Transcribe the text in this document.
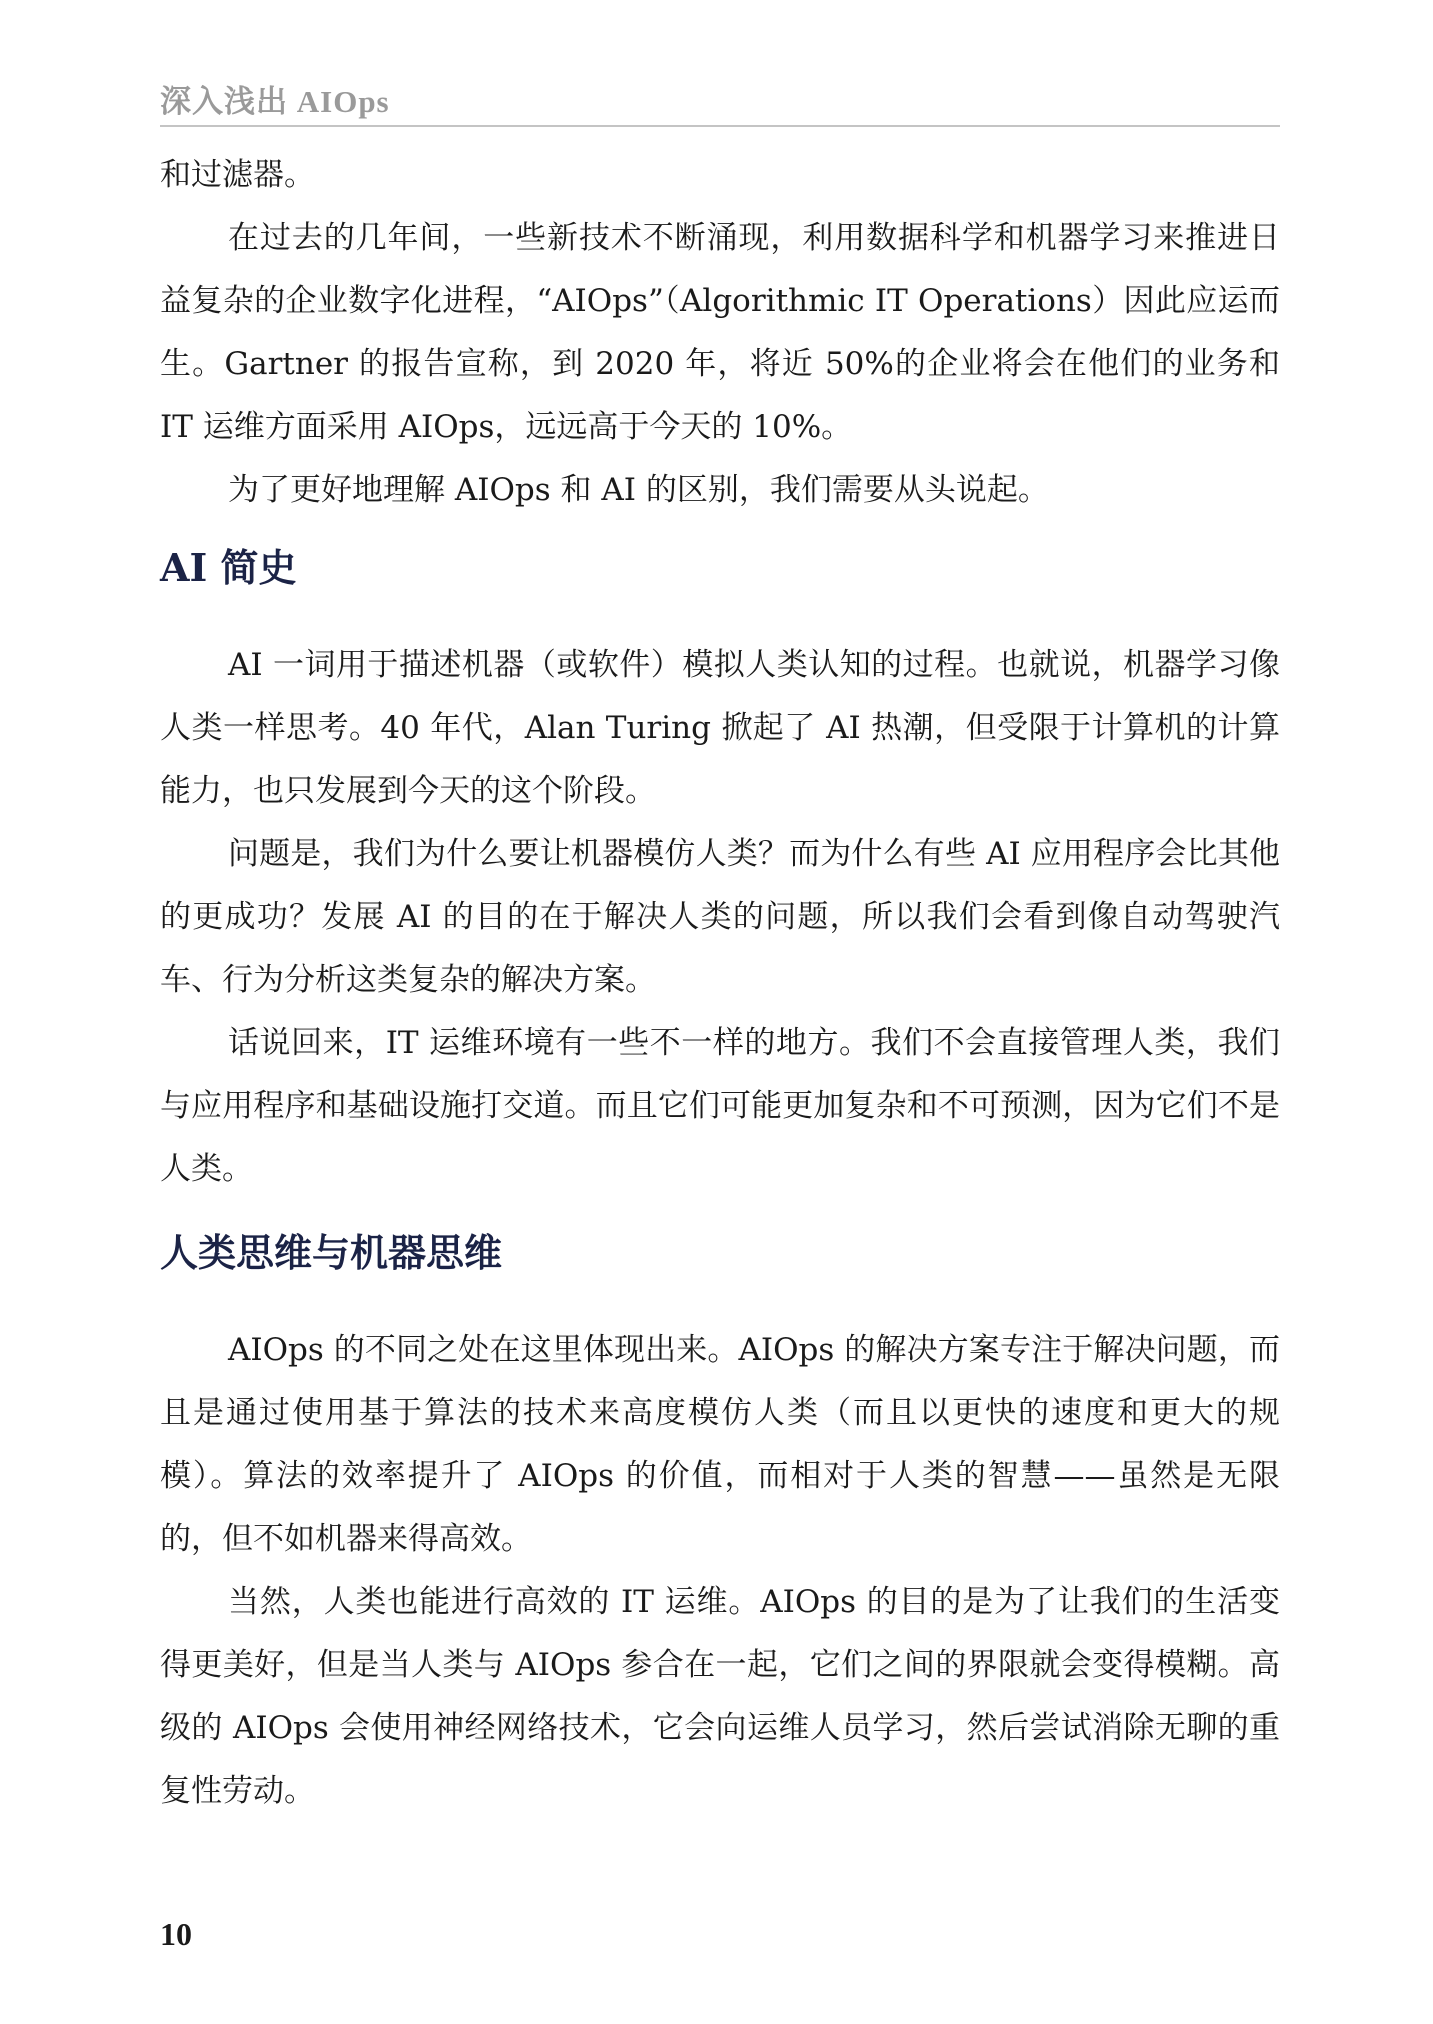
深入浅出 AIOps

和过滤器。

在过去的几年间，一些新技术不断涌现，利用数据科学和机器学习来推进日益复杂的企业数字化进程，“AIOps”（Algorithmic IT Operations）因此应运而生。Gartner 的报告宣称，到 2020 年，将近 50%的企业将会在他们的业务和 IT 运维方面采用 AIOps，远远高于今天的 10%。

为了更好地理解 AIOps 和 AI 的区别，我们需要从头说起。

AI 简史

AI 一词用于描述机器（或软件）模拟人类认知的过程。也就说，机器学习像人类一样思考。40 年代，Alan Turing 掀起了 AI 热潮，但受限于计算机的计算能力，也只发展到今天的这个阶段。

问题是，我们为什么要让机器模仿人类？而为什么有些 AI 应用程序会比其他的更成功？发展 AI 的目的在于解决人类的问题，所以我们会看到像自动驾驶汽车、行为分析这类复杂的解决方案。

话说回来，IT 运维环境有一些不一样的地方。我们不会直接管理人类，我们与应用程序和基础设施打交道。而且它们可能更加复杂和不可预测，因为它们不是人类。

人类思维与机器思维

AIOps 的不同之处在这里体现出来。AIOps 的解决方案专注于解决问题，而且是通过使用基于算法的技术来高度模仿人类（而且以更快的速度和更大的规模）。算法的效率提升了 AIOps 的价值，而相对于人类的智慧——虽然是无限的，但不如机器来得高效。

当然，人类也能进行高效的 IT 运维。AIOps 的目的是为了让我们的生活变得更美好，但是当人类与 AIOps 参合在一起，它们之间的界限就会变得模糊。高级的 AIOps 会使用神经网络技术，它会向运维人员学习，然后尝试消除无聊的重复性劳动。

10
